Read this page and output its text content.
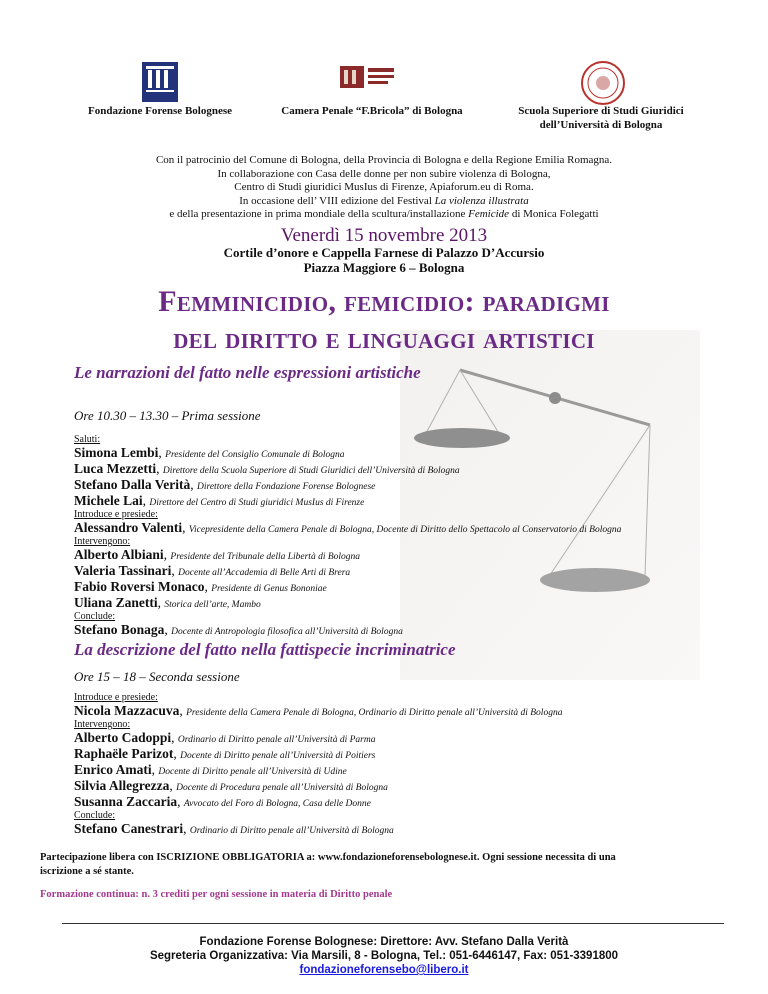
Fondazione Forense Bolognese	Camera Penale “F.Bricola” di Bologna	Scuola Superiore di Studi Giuridici
dell’Università di Bologna
Con il patrocinio del Comune di Bologna, della Provincia di Bologna e della Regione Emilia Romagna.
In collaborazione con Casa delle donne per non subire violenza di Bologna,
Centro di Studi giuridici MusIus di Firenze, Apiaforum.eu di Roma.
In occasione dell’ VIII edizione del Festival La violenza illustrata
e della presentazione in prima mondiale della scultura/installazione Femicide di Monica Folegatti
Venerdì 15 novembre 2013
Cortile d’onore e Cappella Farnese di Palazzo D’Accursio
Piazza Maggiore 6 – Bologna
Femminicidio, femicidio: paradigmi
del diritto e linguaggi artistici
Le narrazioni del fatto nelle espressioni artistiche
Ore 10.30 – 13.30 – Prima sessione
Saluti:
Simona Lembi, Presidente del Consiglio Comunale di Bologna
Luca Mezzetti, Direttore della Scuola Superiore di Studi Giuridici dell’Università di Bologna
Stefano Dalla Verità, Direttore della Fondazione Forense Bolognese
Michele Lai, Direttore del Centro di Studi giuridici MusIus di Firenze
Introduce e presiede:
Alessandro Valenti, Vicepresidente della Camera Penale di Bologna, Docente di Diritto dello Spettacolo al Conservatorio di Bologna
Intervengono:
Alberto Albiani, Presidente del Tribunale della Libertà di Bologna
Valeria Tassinari, Docente all’Accademia di Belle Arti di Brera
Fabio Roversi Monaco, Presidente di Genus Bononiae
Uliana Zanetti, Storica dell’arte, Mambo
Conclude:
Stefano Bonaga, Docente di Antropologia filosofica all’Università di Bologna
La descrizione del fatto nella fattispecie incriminatrice
Ore 15 – 18 – Seconda sessione
Introduce e presiede:
Nicola Mazzacuva, Presidente della Camera Penale di Bologna, Ordinario di Diritto penale all’Università di Bologna
Intervengono:
Alberto Cadoppi, Ordinario di Diritto penale all’Università di Parma
Raphaële Parizot, Docente di Diritto penale all’Università di Poitiers
Enrico Amati, Docente di Diritto penale all’Università di Udine
Silvia Allegrezza, Docente di Procedura penale all’Università di Bologna
Susanna Zaccaria, Avvocato del Foro di Bologna, Casa delle Donne
Conclude:
Stefano Canestrari, Ordinario di Diritto penale all’Università di Bologna
Partecipazione libera con ISCRIZIONE OBBLIGATORIA a: www.fondazioneforensebolognese.it. Ogni sessione necessita di una
iscrizione a sé stante.
Formazione continua: n. 3 crediti per ogni sessione in materia di Diritto penale
Fondazione Forense Bolognese: Direttore: Avv. Stefano Dalla Verità
Segreteria Organizzativa: Via Marsili, 8 - Bologna, Tel.: 051-6446147, Fax: 051-3391800
fondazioneforensebo@libero.it
